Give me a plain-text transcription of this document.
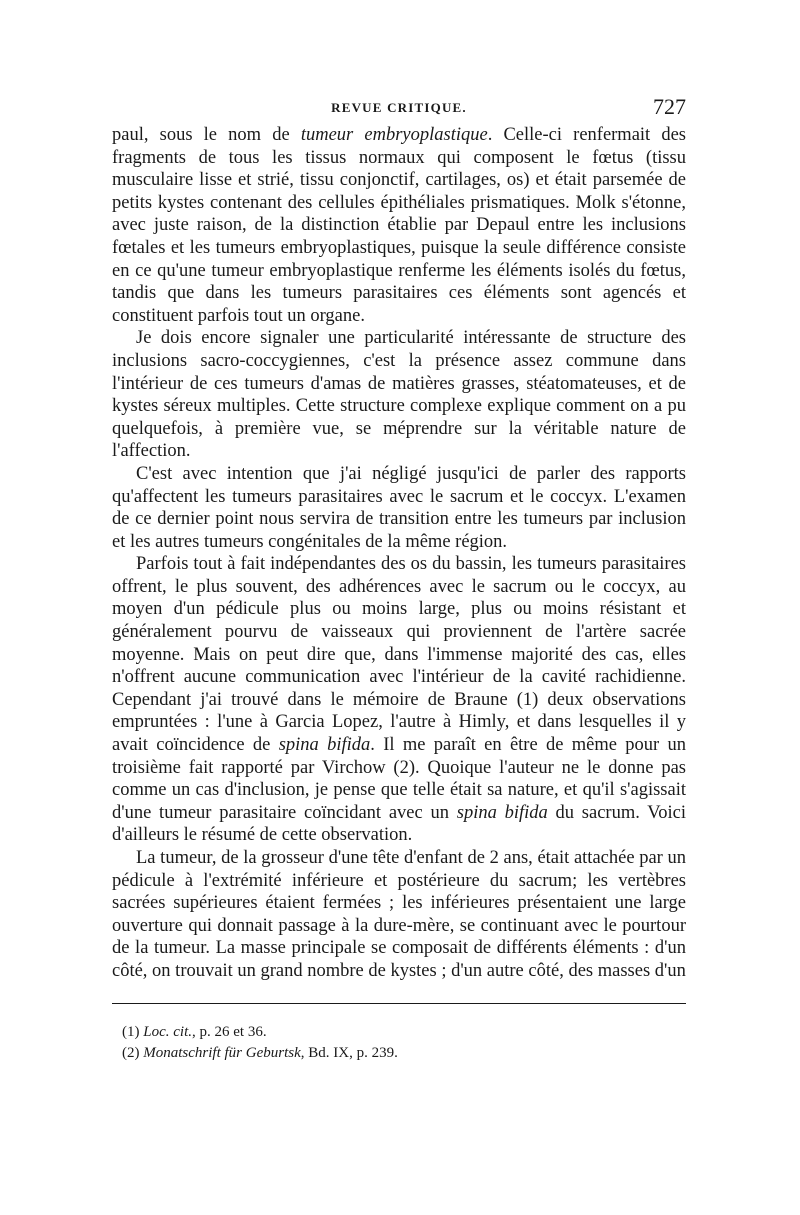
REVUE CRITIQUE.	727

paul, sous le nom de tumeur embryoplastique. Celle-ci renfermait des fragments de tous les tissus normaux qui composent le fœtus (tissu musculaire lisse et strié, tissu conjonctif, cartilages, os) et était parsemée de petits kystes contenant des cellules épithéliales prismatiques. Molk s'étonne, avec juste raison, de la distinction établie par Depaul entre les inclusions fœtales et les tumeurs embryoplastiques, puisque la seule différence consiste en ce qu'une tumeur embryoplastique renferme les éléments isolés du fœtus, tandis que dans les tumeurs parasitaires ces éléments sont agencés et constituent parfois tout un organe.

Je dois encore signaler une particularité intéressante de structure des inclusions sacro-coccygiennes, c'est la présence assez commune dans l'intérieur de ces tumeurs d'amas de matières grasses, stéatomateuses, et de kystes séreux multiples. Cette structure complexe explique comment on a pu quelquefois, à première vue, se méprendre sur la véritable nature de l'affection.

C'est avec intention que j'ai négligé jusqu'ici de parler des rapports qu'affectent les tumeurs parasitaires avec le sacrum et le coccyx. L'examen de ce dernier point nous servira de transition entre les tumeurs par inclusion et les autres tumeurs congénitales de la même région.

Parfois tout à fait indépendantes des os du bassin, les tumeurs parasitaires offrent, le plus souvent, des adhérences avec le sacrum ou le coccyx, au moyen d'un pédicule plus ou moins large, plus ou moins résistant et généralement pourvu de vaisseaux qui proviennent de l'artère sacrée moyenne. Mais on peut dire que, dans l'immense majorité des cas, elles n'offrent aucune communication avec l'intérieur de la cavité rachidienne. Cependant j'ai trouvé dans le mémoire de Braune (1) deux observations empruntées : l'une à Garcia Lopez, l'autre à Himly, et dans lesquelles il y avait coïncidence de spina bifida. Il me paraît en être de même pour un troisième fait rapporté par Virchow (2). Quoique l'auteur ne le donne pas comme un cas d'inclusion, je pense que telle était sa nature, et qu'il s'agissait d'une tumeur parasitaire coïncidant avec un spina bifida du sacrum. Voici d'ailleurs le résumé de cette observation.

La tumeur, de la grosseur d'une tête d'enfant de 2 ans, était attachée par un pédicule à l'extrémité inférieure et postérieure du sacrum; les vertèbres sacrées supérieures étaient fermées ; les inférieures présentaient une large ouverture qui donnait passage à la dure-mère, se continuant avec le pourtour de la tumeur. La masse principale se composait de différents éléments : d'un côté, on trouvait un grand nombre de kystes ; d'un autre côté, des masses d'un

(1) Loc. cit., p. 26 et 36.
(2) Monatschrift für Geburtsk, Bd. IX, p. 239.
